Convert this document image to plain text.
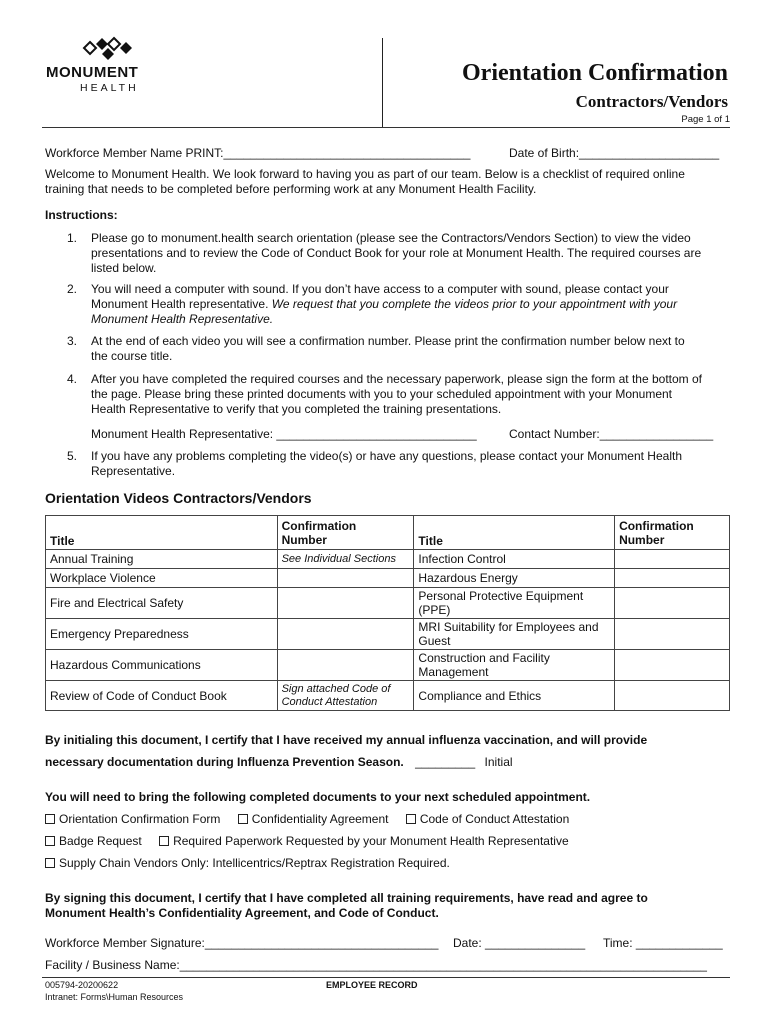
MONUMENT
HEALTH
Orientation Confirmation
Contractors/Vendors
Page 1 of 1
Workforce Member Name PRINT:_____________________________________	Date of Birth:_____________________
Welcome to Monument Health. We look forward to having you as part of our team. Below is a checklist of required online
training that needs to be completed before performing work at any Monument Health Facility.
Instructions:
1. Please go to monument.health search orientation (please see the Contractors/Vendors Section) to view the video
presentations and to review the Code of Conduct Book for your role at Monument Health. The required courses are
listed below.
2. You will need a computer with sound. If you don’t have access to a computer with sound, please contact your
Monument Health representative. We request that you complete the videos prior to your appointment with your
Monument Health Representative.
3. At the end of each video you will see a confirmation number. Please print the confirmation number below next to
the course title.
4. After you have completed the required courses and the necessary paperwork, please sign the form at the bottom of
the page. Please bring these printed documents with you to your scheduled appointment with your Monument
Health Representative to verify that you completed the training presentations.
Monument Health Representative: ______________________________	Contact Number:_________________
5. If you have any problems completing the video(s) or have any questions, please contact your Monument Health
Representative.
Orientation Videos Contractors/Vendors
Title	Confirmation
Number	Title	Confirmation
Number
Annual Training	See Individual Sections	Infection Control	
Workplace Violence		Hazardous Energy	
Fire and Electrical Safety		Personal Protective Equipment (PPE)	
Emergency Preparedness		MRI Suitability for Employees and Guest	
Hazardous Communications		Construction and Facility Management	
Review of Code of Conduct Book	Sign attached Code of Conduct Attestation	Compliance and Ethics	
By initialing this document, I certify that I have received my annual influenza vaccination, and will provide
necessary documentation during Influenza Prevention Season. _________ Initial
You will need to bring the following completed documents to your next scheduled appointment.
Orientation Confirmation Form	Confidentiality Agreement	Code of Conduct Attestation
Badge Request	Required Paperwork Requested by your Monument Health Representative
Supply Chain Vendors Only: Intellicentrics/Reptrax Registration Required.
By signing this document, I certify that I have completed all training requirements, have read and agree to
Monument Health’s Confidentiality Agreement, and Code of Conduct.
Workforce Member Signature:___________________________________ Date: _______________ Time: _____________
Facility / Business Name:_______________________________________________________________________________
005794-20200622
Intranet: Forms\Human Resources
EMPLOYEE RECORD
